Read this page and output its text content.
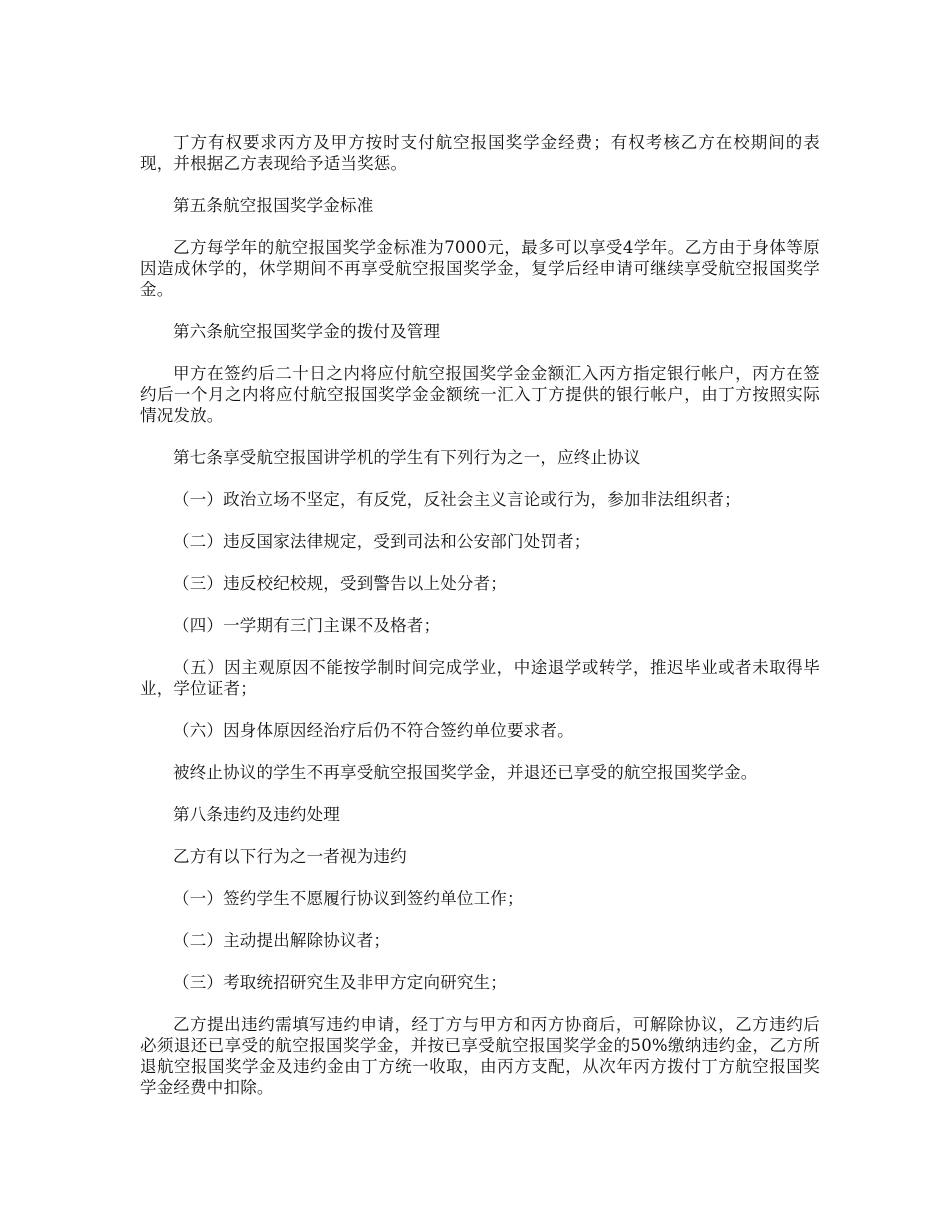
丁方有权要求丙方及甲方按时支付航空报国奖学金经费；有权考核乙方在校期间的表现，并根据乙方表现给予适当奖惩。

第五条航空报国奖学金标准

乙方每学年的航空报国奖学金标准为7000元，最多可以享受4学年。乙方由于身体等原因造成休学的，休学期间不再享受航空报国奖学金，复学后经申请可继续享受航空报国奖学金。

第六条航空报国奖学金的拨付及管理

甲方在签约后二十日之内将应付航空报国奖学金金额汇入丙方指定银行帐户，丙方在签约后一个月之内将应付航空报国奖学金金额统一汇入丁方提供的银行帐户，由丁方按照实际情况发放。

第七条享受航空报国讲学机的学生有下列行为之一，应终止协议

（一）政治立场不坚定，有反党，反社会主义言论或行为，参加非法组织者；

（二）违反国家法律规定，受到司法和公安部门处罚者；

（三）违反校纪校规，受到警告以上处分者；

（四）一学期有三门主课不及格者；

（五）因主观原因不能按学制时间完成学业，中途退学或转学，推迟毕业或者未取得毕业，学位证者；

（六）因身体原因经治疗后仍不符合签约单位要求者。

被终止协议的学生不再享受航空报国奖学金，并退还已享受的航空报国奖学金。

第八条违约及违约处理

乙方有以下行为之一者视为违约

（一）签约学生不愿履行协议到签约单位工作；

（二）主动提出解除协议者；

（三）考取统招研究生及非甲方定向研究生；

乙方提出违约需填写违约申请，经丁方与甲方和丙方协商后，可解除协议，乙方违约后必须退还已享受的航空报国奖学金，并按已享受航空报国奖学金的50%缴纳违约金，乙方所退航空报国奖学金及违约金由丁方统一收取，由丙方支配，从次年丙方拨付丁方航空报国奖学金经费中扣除。
